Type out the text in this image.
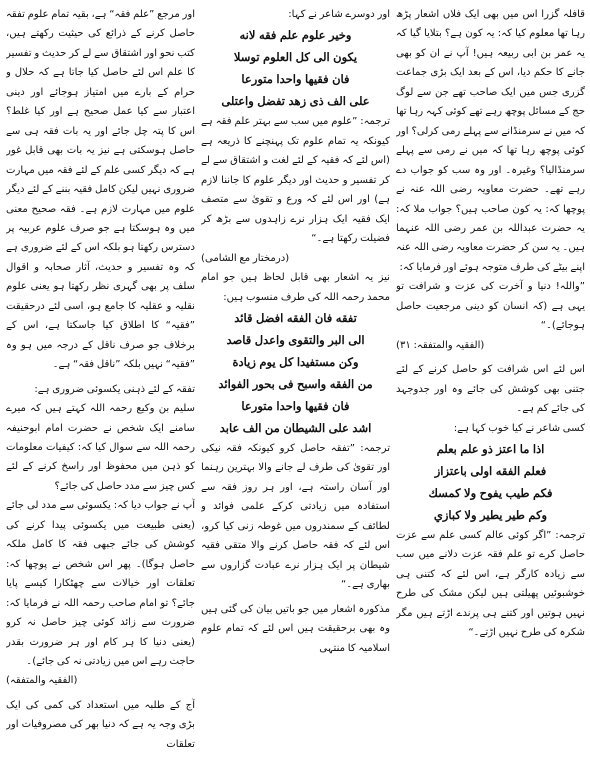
قافلہ گزرا اس میں بھی ایک فلاں اشعار پڑھ رہا تھا معلوم کیا کہ: یہ کون ہے؟ بتلایا گیا کہ یہ عمر بن ابی ربیعہ ہیں! آپ نے ان کو بھی جانے کا حکم دیا، اس کے بعد ایک بڑی جماعت گزری جس میں ایک صاحب تھے جن سے لوگ حج کے مسائل پوچھ رہے تھے کوئی کہہ رہا تھا کہ میں نے سرمنڈانے سے پہلے رمی کرلی؟ اور کوئی پوچھ رہا تھا کہ میں نے رمی سے پہلے سرمنڈالیا؟ وغیرہ۔ اور وہ سب کو جواب دے رہے تھے۔ حضرت معاویہ رضی اللہ عنہ نے پوچھا کہ: یہ کون صاحب ہیں؟ جواب ملا کہ: یہ حضرت عبداللہ بن عمر رضی اللہ عنہما ہیں۔ یہ سن کر حضرت معاویہ رضی اللہ عنہ اپنے بیٹے کی طرف متوجہ ہوئے اور فرمایا کہ:

”واللہ! دنیا و آخرت کی عزت و شرافت تو یہی ہے (کہ انسان کو دینی مرجعیت حاصل ہوجائے)۔“

(الفقیہ والمتفقہ: ۳۱)

اس لئے اس شرافت کو حاصل کرنے کے لئے جتنی بھی کوشش کی جائے وہ اور جدوجہد کی جائے کم ہے۔

کسی شاعر نے کیا خوب کہا ہے:

اذا ما اعتز ذو علم بعلم

فعلم الفقه اولى باعتزاز

فكم طيب يفوح ولا كمسك

وكم طير يطير ولا كبازي

ترجمہ: ”اگر کوئی عالم کسی علم سے عزت حاصل کرے تو علم فقہ عزت دلانے میں سب سے زیادہ کارگر ہے، اس لئے کہ کتنی ہی خوشبوئیں پھیلتی ہیں لیکن مشک کی طرح نہیں ہوتیں اور کتنے ہی پرندے اڑتے ہیں مگر شکرہ کی طرح نہیں اڑتے۔“

اور دوسرے شاعر نے کہا:

وخير علوم علم فقه لانه

يكون الى كل العلوم توسلا

فان فقيها واحدا متورعا

على الف ذى زهد تفضل واعتلى

ترجمہ: ”علوم میں سب سے بہتر علم فقہ ہے کیونکہ یہ تمام علوم تک پہنچنے کا ذریعہ ہے (اس لئے کہ فقیہ کے لئے لغت و اشتقاق سے لے کر تفسیر و حدیث اور دیگر علوم کا جاننا لازم ہے) اور اس لئے کہ ورع و تقویٰ سے متصف ایک فقیہ ایک ہزار نرے زاہدوں سے بڑھ کر فضیلت رکھتا ہے۔“

(درمختار مع الشامی)

نیز یہ اشعار بھی قابل لحاظ ہیں جو امام محمد رحمہ اللہ کی طرف منسوب ہیں:

تفقه فان الفقه افضل قائد

الى البر والتقوى واعدل قاصد

وكن مستفيدا كل يوم زيادة

من الفقه واسبح فى بحور الفوائد

فان فقيها واحدا متورعا

اشد على الشيطان من الف عابد

ترجمہ: ”تفقہ حاصل کرو کیونکہ فقہ نیکی اور تقویٰ کی طرف لے جانے والا بہترین رہنما اور آسان راستہ ہے، اور ہر روز فقہ سے استفادہ میں زیادتی کرکے علمی فوائد و لطائف کے سمندروں میں غوطہ زنی کیا کرو، اس لئے کہ فقہ حاصل کرنے والا متقی فقیہ شیطان پر ایک ہزار نرے عبادت گزاروں سے بھاری ہے۔“

مذکورہ اشعار میں جو باتیں بیان کی گئی ہیں وہ بھی برحقیقت ہیں اس لئے کہ تمام علوم اسلامیہ کا منتہی

اور مرجع ”علم فقہ“ ہے، بقیہ تمام علوم تفقہ حاصل کرنے کے ذرائع کی حیثیت رکھتے ہیں، کتب نحو اور اشتقاق سے لے کر حدیث و تفسیر کا علم اس لئے حاصل کیا جاتا ہے کہ حلال و حرام کے بارے میں امتیاز ہوجائے اور دینی اعتبار سے کیا عمل صحیح ہے اور کیا غلط؟ اس کا پتہ چل جائے اور یہ بات فقہ ہی سے حاصل ہوسکتی ہے نیز یہ بات بھی قابل غور ہے کہ دیگر کسی علم کے لئے فقہ میں مہارت ضروری نہیں لیکن کامل فقیہ بننے کے لئے دیگر علوم میں مہارت لازم ہے۔ فقہ صحیح معنی میں وہ ہوسکتا ہے جو صرف علوم عربیہ پر دسترس رکھتا ہو بلکہ اس کے لئے ضروری ہے کہ وہ تفسیر و حدیث، آثار صحابہ و اقوال سلف پر بھی گہری نظر رکھتا ہو یعنی علوم نقلیہ و عقلیہ کا جامع ہو، اسی لئے درحقیقت ”فقیہ“ کا اطلاق کیا جاسکتا ہے، اس کے برخلاف جو صرف ناقل کے درجہ میں ہو وہ ”فقیہ“ نہیں بلکہ ”ناقل فقہ“ ہے۔

تفقہ کے لئے ذہنی یکسوئی ضروری ہے:

سلیم بن وکیع رحمہ اللہ کہتے ہیں کہ میرے سامنے ایک شخص نے حضرت امام ابوحنیفہ رحمہ اللہ سے سوال کیا کہ: کیفیات معلومات کو ذہن میں محفوظ اور راسخ کرنے کے لئے کس چیز سے مدد حاصل کی جائے؟

آپ نے جواب دیا کہ: یکسوئی سے مدد لی جائے (یعنی طبیعت میں یکسوئی پیدا کرنے کی کوشش کی جائے جبھی فقہ کا کامل ملکہ حاصل ہوگا)۔ پھر اس شخص نے پوچھا کہ: تعلقات اور خیالات سے چھٹکارا کیسے پایا جائے؟ تو امام صاحب رحمہ اللہ نے فرمایا کہ: ضرورت سے زائد کوئی چیز حاصل نہ کرو (یعنی دنیا کا ہر کام اور ہر ضرورت بقدر حاجت رہے اس میں زیادتی نہ کی جائے)۔

(الفقیہ والمتفقہ)

آج کے طلبہ میں استعداد کی کمی کی ایک بڑی وجہ یہ ہے کہ دنیا بھر کی مصروفیات اور تعلقات
